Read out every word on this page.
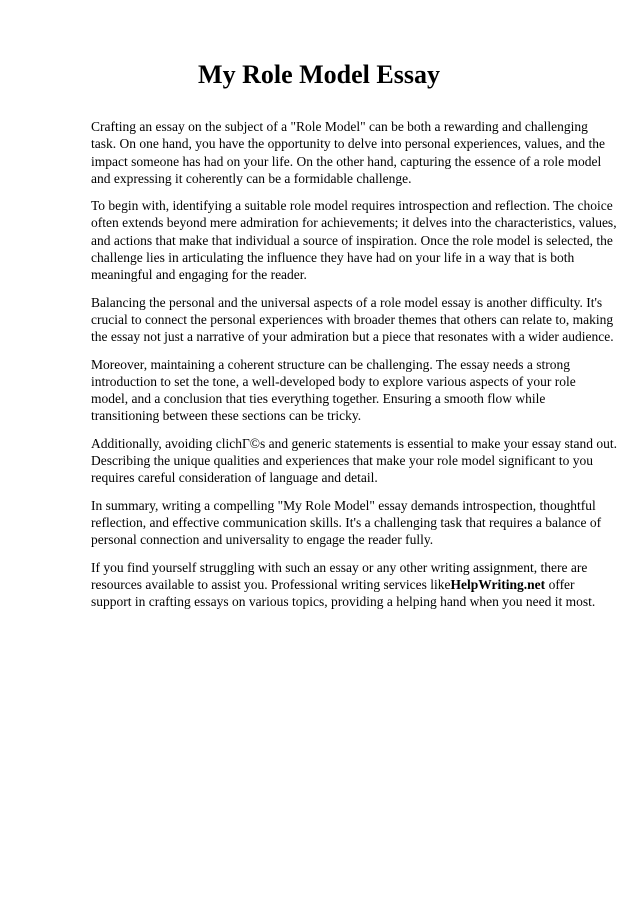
My Role Model Essay

Crafting an essay on the subject of a "Role Model" can be both a rewarding and challenging
task. On one hand, you have the opportunity to delve into personal experiences, values, and the
impact someone has had on your life. On the other hand, capturing the essence of a role model
and expressing it coherently can be a formidable challenge.

To begin with, identifying a suitable role model requires introspection and reflection. The choice
often extends beyond mere admiration for achievements; it delves into the characteristics, values,
and actions that make that individual a source of inspiration. Once the role model is selected, the
challenge lies in articulating the influence they have had on your life in a way that is both
meaningful and engaging for the reader.

Balancing the personal and the universal aspects of a role model essay is another difficulty. It's
crucial to connect the personal experiences with broader themes that others can relate to, making
the essay not just a narrative of your admiration but a piece that resonates with a wider audience.

Moreover, maintaining a coherent structure can be challenging. The essay needs a strong
introduction to set the tone, a well-developed body to explore various aspects of your role
model, and a conclusion that ties everything together. Ensuring a smooth flow while
transitioning between these sections can be tricky.

Additionally, avoiding clichГ©s and generic statements is essential to make your essay stand out.
Describing the unique qualities and experiences that make your role model significant to you
requires careful consideration of language and detail.

In summary, writing a compelling "My Role Model" essay demands introspection, thoughtful
reflection, and effective communication skills. It's a challenging task that requires a balance of
personal connection and universality to engage the reader fully.

If you find yourself struggling with such an essay or any other writing assignment, there are
resources available to assist you. Professional writing services likeHelpWriting.net offer
support in crafting essays on various topics, providing a helping hand when you need it most.
